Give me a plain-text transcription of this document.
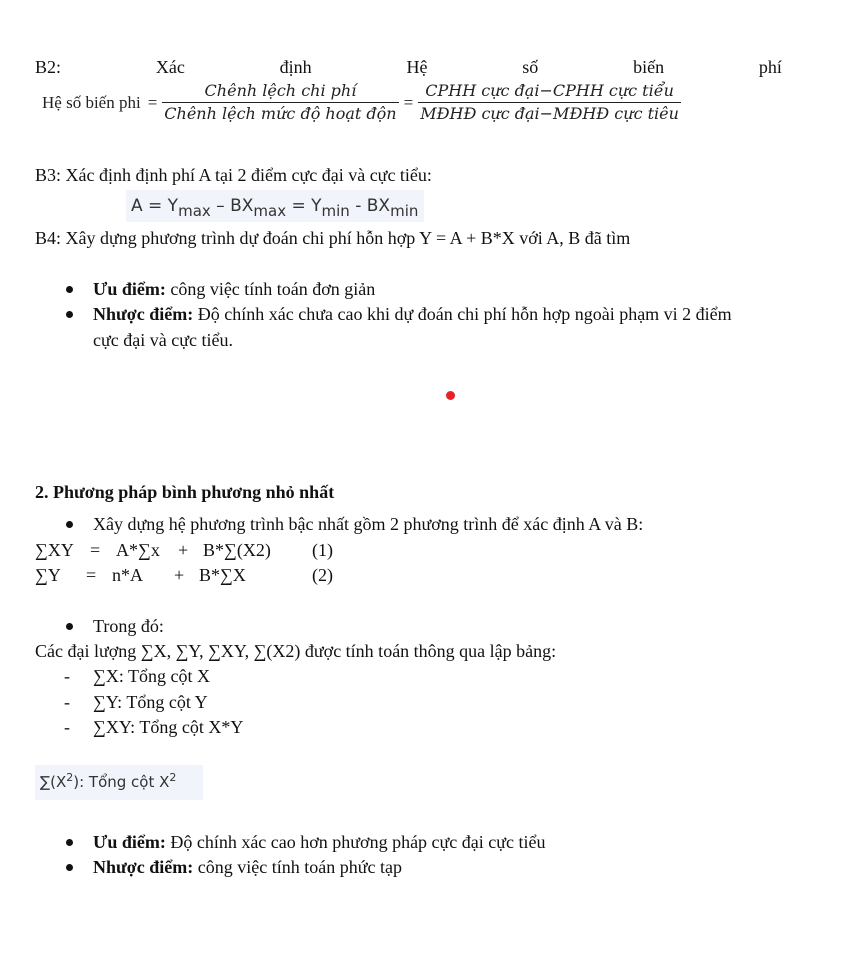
B2:	Xác	định	Hệ	số	biến	phí
Hệ số biến phi = $\frac{\text{Chênh lệch chi phí}}{\text{Chênh lệch mức độ hoạt độn}} = \frac{\text{CPHH cực đại−CPHH cực tiểu}}{\text{MĐHĐ cực đại−MĐHĐ cực tiêu}}$
B3: Xác định định phí A tại 2 điểm cực đại và cực tiểu:
$A = Y_{max} - BX_{max} = Y_{min} - BX_{min}$
B4: Xây dựng phương trình dự đoán chi phí hỗn hợp Y = A + B*X với A, B đã tìm
Ưu điểm: công việc tính toán đơn giản
Nhược điểm: Độ chính xác chưa cao khi dự đoán chi phí hỗn hợp ngoài phạm vi 2 điểm
cực đại và cực tiểu.
2. Phương pháp bình phương nhỏ nhất
Xây dựng hệ phương trình bậc nhất gồm 2 phương trình để xác định A và B:
∑XY = A*∑x + B*∑(X2) (1)
∑Y = n*A + B*∑X	(2)
Trong đó:
Các đại lượng ∑X, ∑Y, ∑XY, ∑(X2) được tính toán thông qua lập bảng:
- ∑X: Tổng cột X
- ∑Y: Tổng cột Y
- ∑XY: Tổng cột X*Y
$\sum(X^2)$: Tổng cột $X^2$
Ưu điểm: Độ chính xác cao hơn phương pháp cực đại cực tiểu
Nhược điểm: công việc tính toán phức tạp
